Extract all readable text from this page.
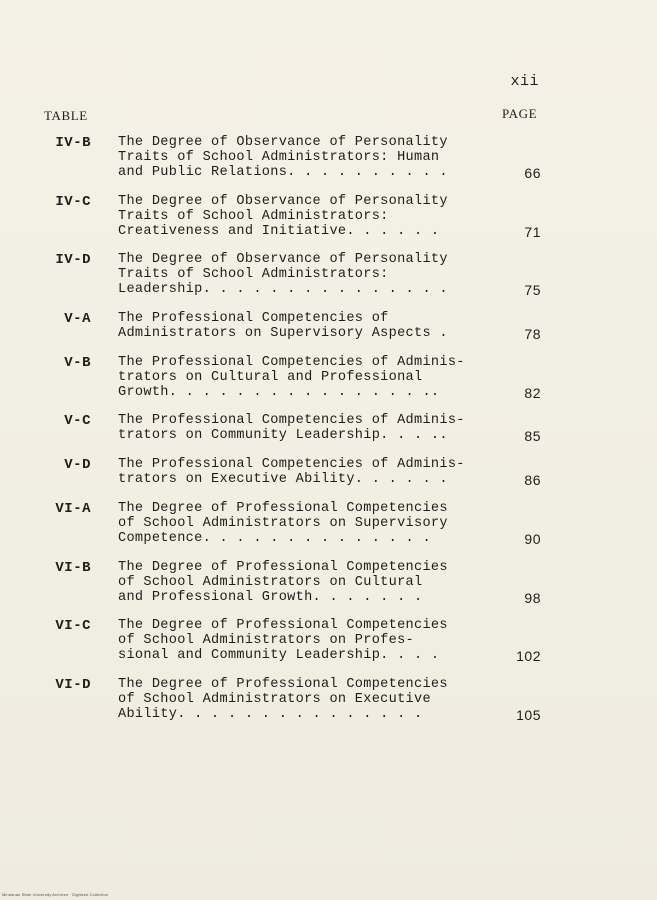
xii
TABLE	PAGE
IV-B The Degree of Observance of Personality
Traits of School Administrators: Human
and Public Relations. . . . . . . . . .	66
IV-C The Degree of Observance of Personality
Traits of School Administrators:
Creativeness and Initiative. . . . . .	71
IV-D The Degree of Observance of Personality
Traits of School Administrators:
Leadership. . . . . . . . . . . . . . .	75
V-A The Professional Competencies of
Administrators on Supervisory Aspects .	78
V-B The Professional Competencies of Adminis-
trators on Cultural and Professional
Growth. . . . . . . . . . . . . . . ..	82
V-C The Professional Competencies of Adminis-
trators on Community Leadership. . . ..	85
V-D The Professional Competencies of Adminis-
trators on Executive Ability. . . . . .	86
VI-A The Degree of Professional Competencies
of School Administrators on Supervisory
Competence. . . . . . . . . . . . . .	90
VI-B The Degree of Professional Competencies
of School Administrators on Cultural
and Professional Growth. . . . . . .	98
VI-C The Degree of Professional Competencies
of School Administrators on Profes-
sional and Community Leadership. . . .	102
VI-D The Degree of Professional Competencies
of School Administrators on Executive
Ability. . . . . . . . . . . . . . .	105
Mindanao State University Archives · Digitized Collection
